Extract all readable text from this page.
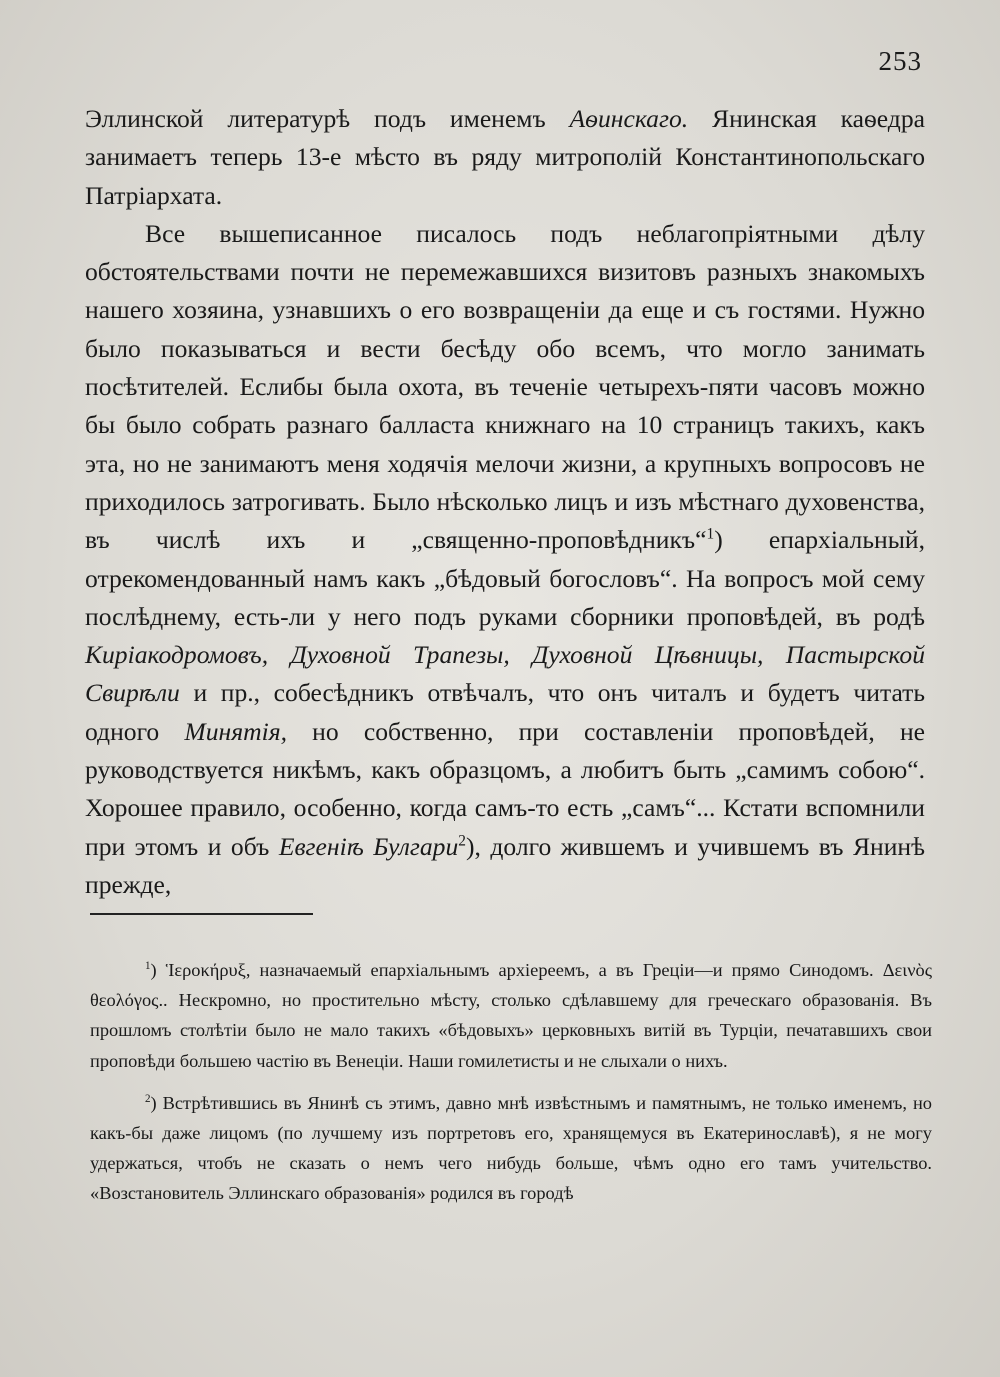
253

Эллинской литературѣ подъ именемъ Аѳинскаго. Янинская каѳедра занимаетъ теперь 13-е мѣсто въ ряду митрополій Константинопольскаго Патріархата.

Все вышеписанное писалось подъ неблагопріятными дѣлу обстоятельствами почти не перемежавшихся визитовъ разныхъ знакомыхъ нашего хозяина, узнавшихъ о его возвращеніи да еще и съ гостями. Нужно было показываться и вести бесѣду обо всемъ, что могло занимать посѣтителей. Еслибы была охота, въ теченіе четырехъ-пяти часовъ можно бы было собрать разнаго балласта книжнаго на 10 страницъ такихъ, какъ эта, но не занимаютъ меня ходячія мелочи жизни, а крупныхъ вопросовъ не приходилось затрогивать. Было нѣсколько лицъ и изъ мѣстнаго духовенства, въ числѣ ихъ и „священно-проповѣдникъ“$^1$) епархіальный, отрекомендованный намъ какъ „бѣдовый богословъ“. На вопросъ мой сему послѣднему, есть-ли у него подъ руками сборники проповѣдей, въ родѣ Киріакодромовъ, Духовной Трапезы, Духовной Цѣвницы, Пастырской Свирѣли и пр., собесѣдникъ отвѣчалъ, что онъ читалъ и будетъ читать одного Минятія, но собственно, при составленіи проповѣдей, не руководствуется никѣмъ, какъ образцомъ, а любитъ быть „самимъ собою“. Хорошее правило, особенно, когда самъ-то есть „самъ“... Кстати вспомнили при этомъ и объ Евгеніѣ Булгари$^2$), долго жившемъ и учившемъ въ Янинѣ прежде,

$^1$) Ἱεροκήρυξ, назначаемый епархіальнымъ архіереемъ, а въ Греціи—и прямо Синодомъ. Δεινὸς θεολόγος.. Нескромно, но простительно мѣсту, столько сдѣлавшему для греческаго образованія. Въ прошломъ столѣтіи было не мало такихъ «бѣдовыхъ» церковныхъ витій въ Турціи, печатавшихъ свои проповѣди большею частію въ Венеціи. Наши гомилетисты и не слыхали о нихъ.

$^2$) Встрѣтившись въ Янинѣ съ этимъ, давно мнѣ извѣстнымъ и памятнымъ, не только именемъ, но какъ-бы даже лицомъ (по лучшему изъ портретовъ его, хранящемуся въ Екатеринославѣ), я не могу удержаться, чтобъ не сказать о немъ чего нибудь больше, чѣмъ одно его тамъ учительство. «Возстановитель Эллинскаго образованія» родился въ городѣ
